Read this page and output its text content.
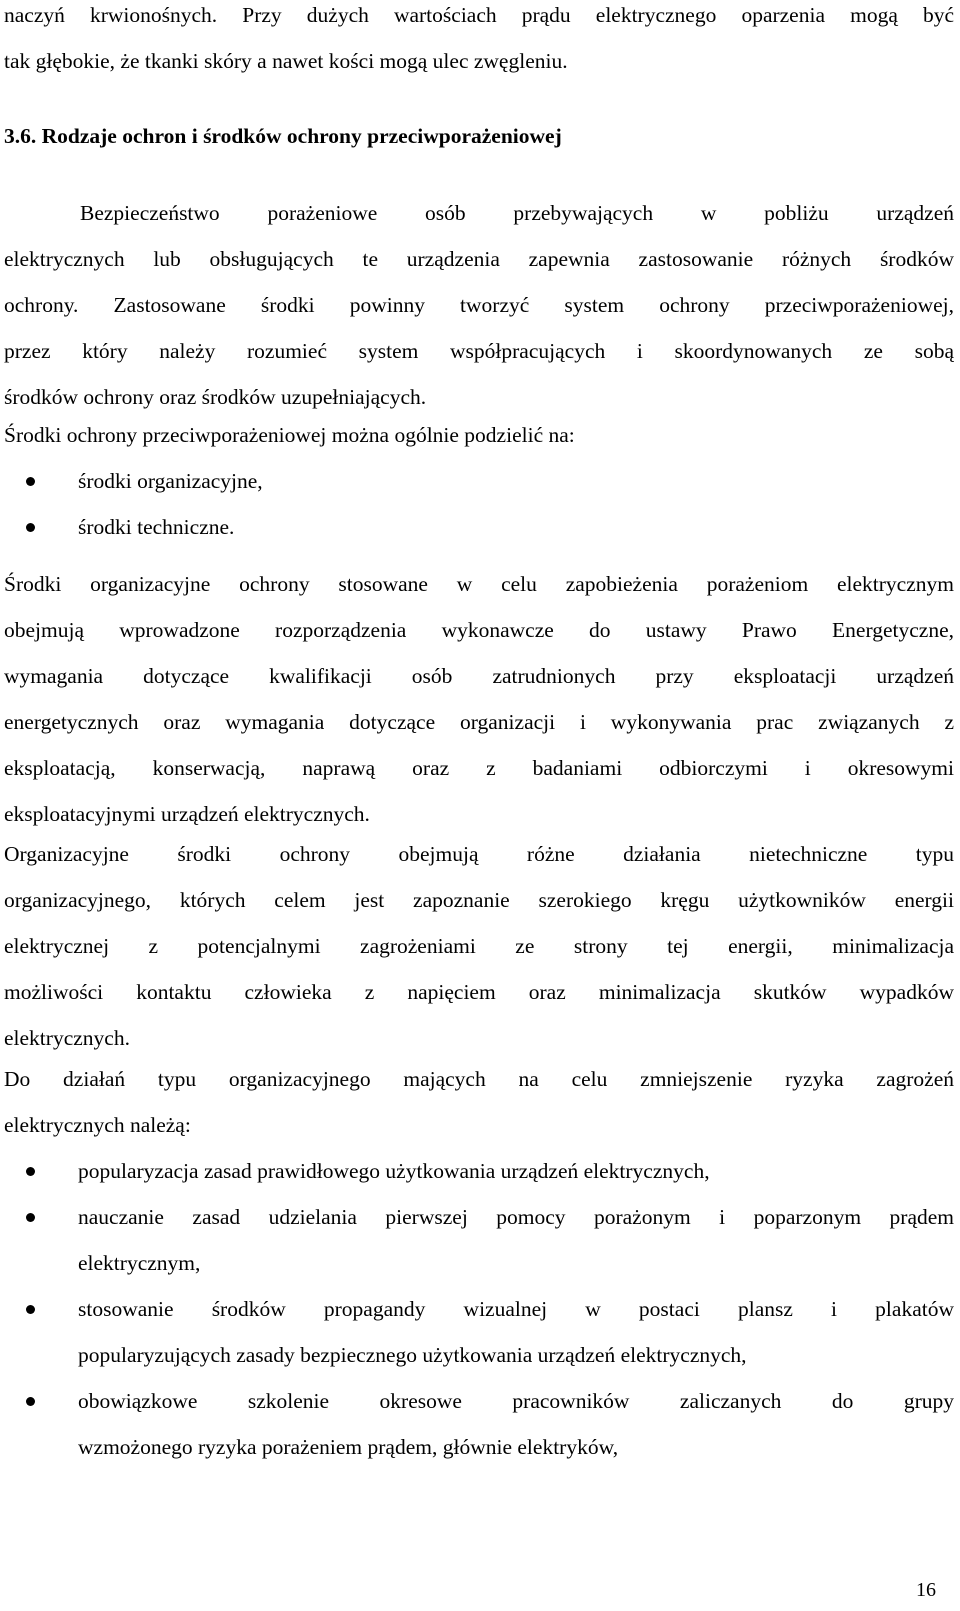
naczyń krwionośnych. Przy dużych wartościach prądu elektrycznego oparzenia mogą być
tak głębokie, że tkanki skóry a nawet kości mogą ulec zwęgleniu.
3.6. Rodzaje ochron i środków ochrony przeciwporażeniowej
Bezpieczeństwo porażeniowe osób przebywających w pobliżu urządzeń
elektrycznych lub obsługujących te urządzenia zapewnia zastosowanie różnych środków
ochrony. Zastosowane środki powinny tworzyć system ochrony przeciwporażeniowej,
przez który należy rozumieć system współpracujących i skoordynowanych ze sobą
środków ochrony oraz środków uzupełniających.
Środki ochrony przeciwporażeniowej można ogólnie podzielić na:
środki organizacyjne,
środki techniczne.
Środki organizacyjne ochrony stosowane w celu zapobieżenia porażeniom elektrycznym
obejmują wprowadzone rozporządzenia wykonawcze do ustawy Prawo Energetyczne,
wymagania dotyczące kwalifikacji osób zatrudnionych przy eksploatacji urządzeń
energetycznych oraz wymagania dotyczące organizacji i wykonywania prac związanych z
eksploatacją, konserwacją, naprawą oraz z badaniami odbiorczymi i okresowymi
eksploatacyjnymi urządzeń elektrycznych.
Organizacyjne środki ochrony obejmują różne działania nietechniczne typu
organizacyjnego, których celem jest zapoznanie szerokiego kręgu użytkowników energii
elektrycznej z potencjalnymi zagrożeniami ze strony tej energii, minimalizacja
możliwości kontaktu człowieka z napięciem oraz minimalizacja skutków wypadków
elektrycznych.
Do działań typu organizacyjnego mających na celu zmniejszenie ryzyka zagrożeń
elektrycznych należą:
popularyzacja zasad prawidłowego użytkowania urządzeń elektrycznych,
nauczanie zasad udzielania pierwszej pomocy porażonym i poparzonym prądem
elektrycznym,
stosowanie środków propagandy wizualnej w postaci plansz i plakatów
popularyzujących zasady bezpiecznego użytkowania urządzeń elektrycznych,
obowiązkowe szkolenie okresowe pracowników zaliczanych do grupy
wzmożonego ryzyka porażeniem prądem, głównie elektryków,
16
